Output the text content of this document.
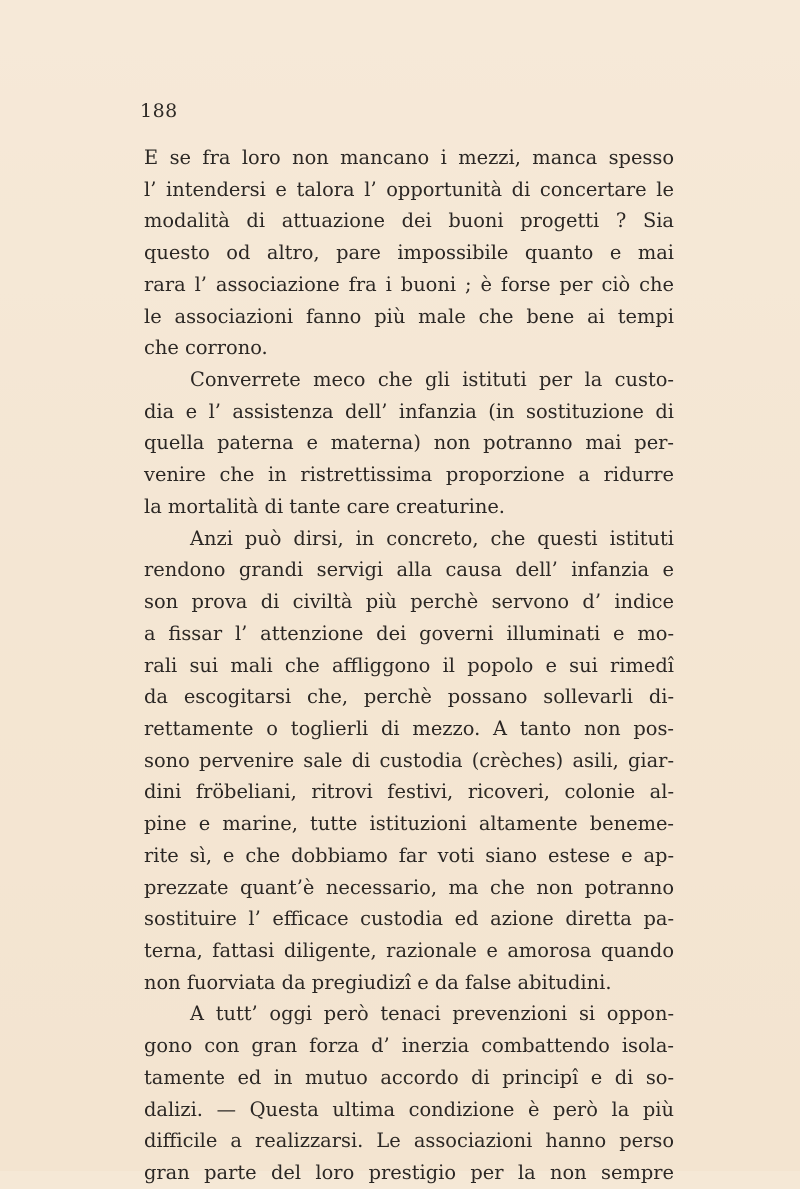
188
E se fra loro non mancano i mezzi, manca spesso
l’ intendersi e talora l’ opportunità di concertare le
modalità di attuazione dei buoni progetti ? Sia
questo od altro, pare impossibile quanto e mai
rara l’ associazione fra i buoni ; è forse per ciò che
le associazioni fanno più male che bene ai tempi
che corrono.
Converrete meco che gli istituti per la custo-
dia e l’ assistenza dell’ infanzia (in sostituzione di
quella paterna e materna) non potranno mai per-
venire che in ristrettissima proporzione a ridurre
la mortalità di tante care creaturine.
Anzi può dirsi, in concreto, che questi istituti
rendono grandi servigi alla causa dell’ infanzia e
son prova di civiltà più perchè servono d’ indice
a fissar l’ attenzione dei governi illuminati e mo-
rali sui mali che affliggono il popolo e sui rimedî
da escogitarsi che, perchè possano sollevarli di-
rettamente o toglierli di mezzo. A tanto non pos-
sono pervenire sale di custodia (crèches) asili, giar-
dini fröbeliani, ritrovi festivi, ricoveri, colonie al-
pine e marine, tutte istituzioni altamente beneme-
rite sì, e che dobbiamo far voti siano estese e ap-
prezzate quant’è necessario, ma che non potranno
sostituire l’ efficace custodia ed azione diretta pa-
terna, fattasi diligente, razionale e amorosa quando
non fuorviata da pregiudizî e da false abitudini.
A tutt’ oggi però tenaci prevenzioni si oppon-
gono con gran forza d’ inerzia combattendo isola-
tamente ed in mutuo accordo di principî e di so-
dalizi. — Questa ultima condizione è però la più
difficile a realizzarsi. Le associazioni hanno perso
gran parte del loro prestigio per la non sempre
